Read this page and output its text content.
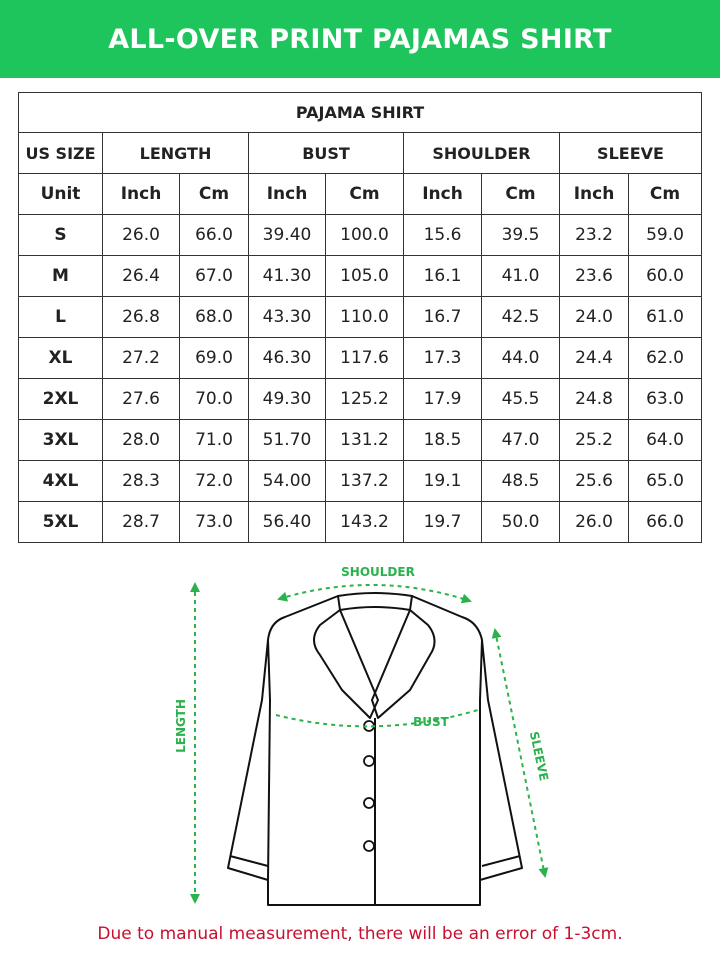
ALL-OVER PRINT PAJAMAS SHIRT
PAJAMA SHIRT								
US SIZE	LENGTH		BUST		SHOULDER		SLEEVE	
Unit	Inch	Cm	Inch	Cm	Inch	Cm	Inch	Cm
S	26.0	66.0	39.40	100.0	15.6	39.5	23.2	59.0
M	26.4	67.0	41.30	105.0	16.1	41.0	23.6	60.0
L	26.8	68.0	43.30	110.0	16.7	42.5	24.0	61.0
XL	27.2	69.0	46.30	117.6	17.3	44.0	24.4	62.0
2XL	27.6	70.0	49.30	125.2	17.9	45.5	24.8	63.0
3XL	28.0	71.0	51.70	131.2	18.5	47.0	25.2	64.0
4XL	28.3	72.0	54.00	137.2	19.1	48.5	25.6	65.0
5XL	28.7	73.0	56.40	143.2	19.7	50.0	26.0	66.0
SHOULDER
BUST
LENGTH
SLEEVE
Due to manual measurement, there will be an error of 1-3cm.
